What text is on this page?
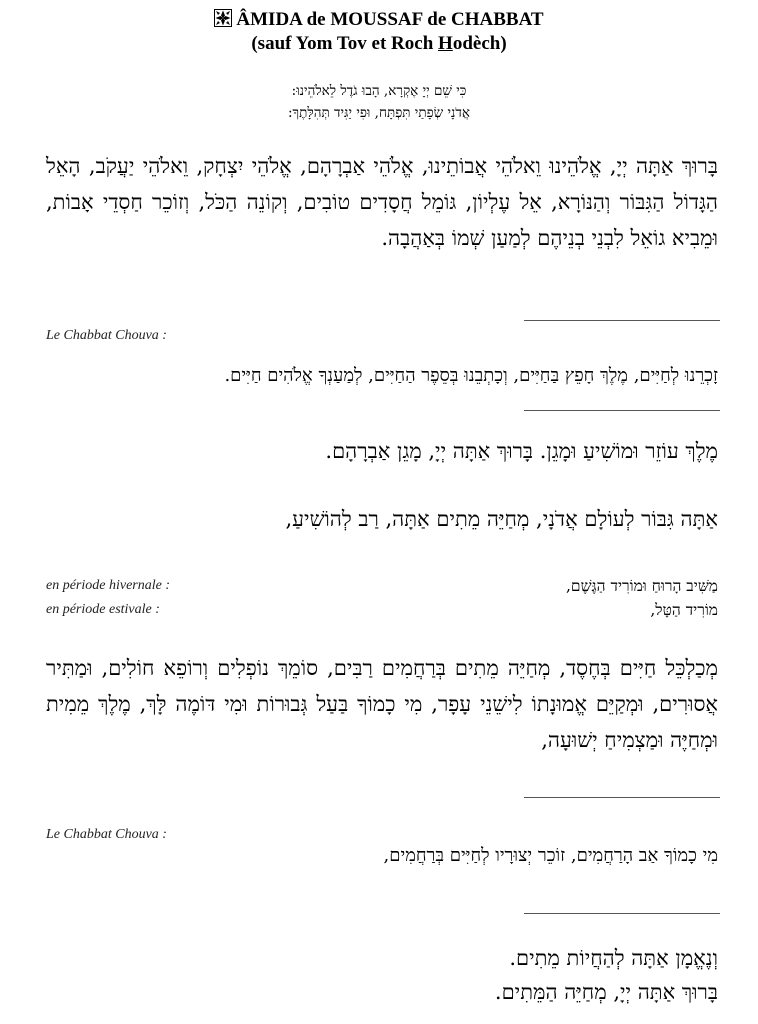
ÂMIDA de MOUSSAF de CHABBAT
(sauf Yom Tov et Roch Hodèch)
כִּי שֵׁם יְיָ אֶקְרָא, הָבוּ גֹדֶל לֵאלֹהֵינוּ:
אֲדֹנָי שְׂפָתַי תִּפְתָּח, וּפִי יַגִּיד תְּהִלָּתֶךָ:
בָּרוּךְ אַתָּה יְיָ, אֱלֹהֵינוּ וֵאלֹהֵי אֲבוֹתֵינוּ, אֱלֹהֵי אַבְרָהָם, אֱלֹהֵי יִצְחָק, וֵאלֹהֵי יַעֲקֹב, הָאֵל הַגָּדוֹל הַגִּבּוֹר וְהַנּוֹרָא, אֵל עֶלְיוֹן, גּוֹמֵל חֲסָדִים טוֹבִים, וְקוֹנֵה הַכֹּל, וְזוֹכֵר חַסְדֵי אָבוֹת, וּמֵבִיא גוֹאֵל לִבְנֵי בְנֵיהֶם לְמַעַן שְׁמוֹ בְּאַהֲבָה.
Le Chabbat Chouva :
זָכְרֵנוּ לְחַיִּים, מֶלֶךְ חָפֵץ בַּחַיִּים, וְכָתְבֵנוּ בְּסֵפֶר הַחַיִּים, לְמַעַנְךָ אֱלֹהִים חַיִּים.
מֶלֶךְ עוֹזֵר וּמוֹשִׁיעַ וּמָגֵן. בָּרוּךְ אַתָּה יְיָ, מָגֵן אַבְרָהָם.
אַתָּה גִּבּוֹר לְעוֹלָם אֲדֹנָי, מְחַיֵּה מֵתִים אַתָּה, רַב לְהוֹשִׁיעַ,
en période hivernale :	מַשִּׁיב הָרוּחַ וּמוֹרִיד הַגֶּשֶׁם,
en période estivale :	מוֹרִיד הַטָּל,
מְכַלְכֵּל חַיִּים בְּחֶסֶד, מְחַיֵּה מֵתִים בְּרַחֲמִים רַבִּים, סוֹמֵךְ נוֹפְלִים וְרוֹפֵא חוֹלִים, וּמַתִּיר אֲסוּרִים, וּמְקַיֵּם אֱמוּנָתוֹ לִישֵׁנֵי עָפָר, מִי כָמוֹךָ בַּעַל גְּבוּרוֹת וּמִי דּוֹמֶה לָּךְ, מֶלֶךְ מֵמִית וּמְחַיֶּה וּמַצְמִיחַ יְשׁוּעָה,
Le Chabbat Chouva :
מִי כָמוֹךָ אַב הָרַחֲמִים, זוֹכֵר יְצוּרָיו לְחַיִּים בְּרַחֲמִים,
וְנֶאֱמָן אַתָּה לְהַחֲיוֹת מֵתִים.
בָּרוּךְ אַתָּה יְיָ, מְחַיֵּה הַמֵּתִים.
